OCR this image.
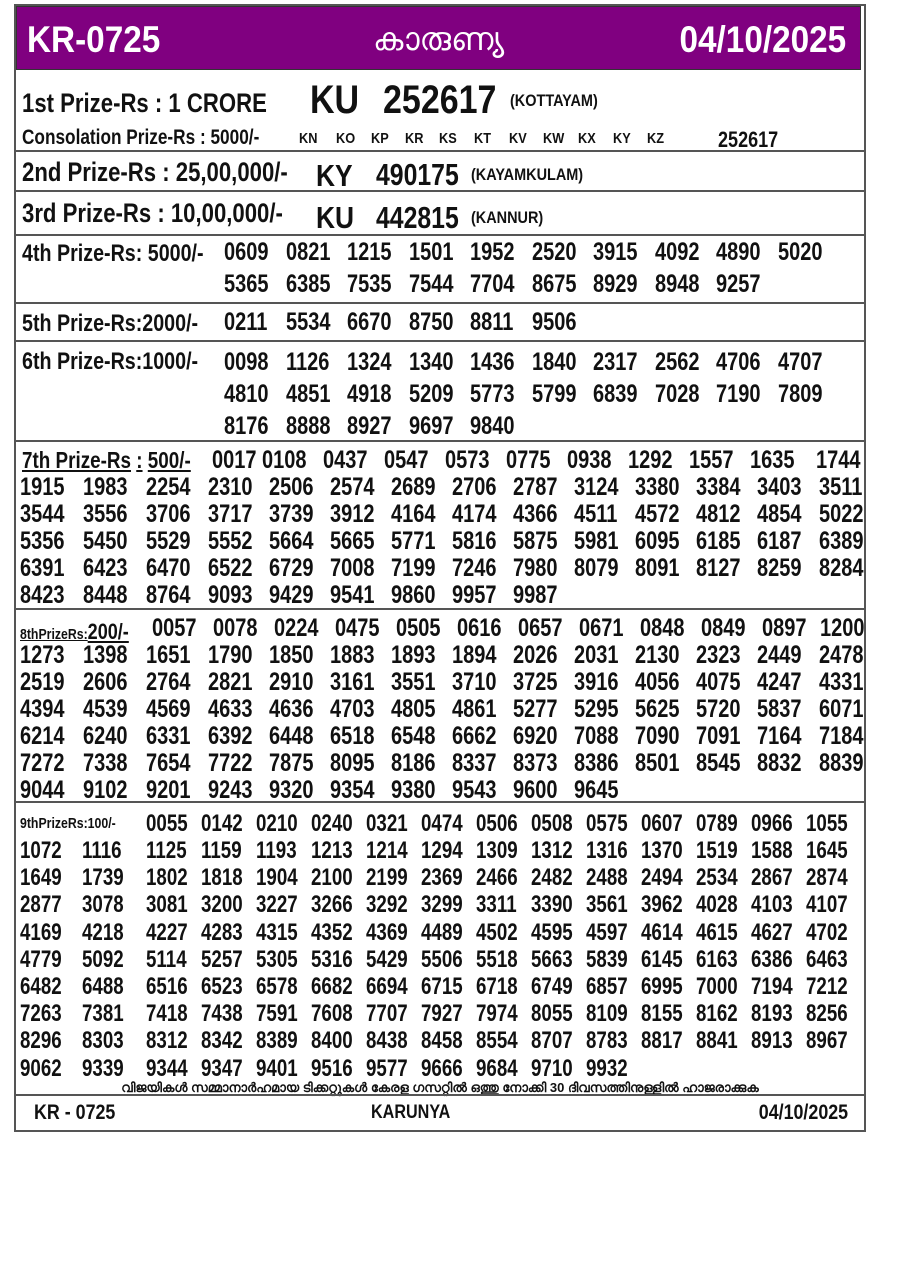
KR-0725	കാരുണ്യ	04/10/2025
1st Prize-Rs : 1 CRORE	KU 252617 (KOTTAYAM)
Consolation Prize-Rs : 5000/-	KN KO KP KR KS KT KV KW KX KY KZ 252617
2nd Prize-Rs : 25,00,000/- KY 490175 (KAYAMKULAM)
3rd Prize-Rs : 10,00,000/-	KU 442815 (KANNUR)
4th Prize-Rs: 5000/- 0609 0821 1215 1501 1952 2520 3915 4092 4890 5020
5365 6385 7535 7544 7704 8675 8929 8948 9257
5th Prize-Rs:2000/-	0211 5534 6670 8750 8811 9506
6th Prize-Rs:1000/-	0098 1126 1324 1340 1436 1840 2317 2562 4706 4707
4810 4851 4918 5209 5773 5799 6839 7028 7190 7809
8176 8888 8927 9697 9840
7th Prize-Rs : 500/- 0017 0108 0437 0547 0573 0775 0938 1292 1557 1635 1744
1915 1983 2254 2310 2506 2574 2689 2706 2787 3124 3380 3384 3403 3511
3544 3556 3706 3717 3739 3912 4164 4174 4366 4511 4572 4812 4854 5022
5356 5450 5529 5552 5664 5665 5771 5816 5875 5981 6095 6185 6187 6389
6391 6423 6470 6522 6729 7008 7199 7246 7980 8079 8091 8127 8259 8284
8423 8448 8764 9093 9429 9541 9860 9957 9987
8thPrizeRs:200/- 0057 0078 0224 0475 0505 0616 0657 0671 0848 0849 0897 1200
1273 1398 1651 1790 1850 1883 1893 1894 2026 2031 2130 2323 2449 2478
2519 2606 2764 2821 2910 3161 3551 3710 3725 3916 4056 4075 4247 4331
4394 4539 4569 4633 4636 4703 4805 4861 5277 5295 5625 5720 5837 6071
6214 6240 6331 6392 6448 6518 6548 6662 6920 7088 7090 7091 7164 7184
7272 7338 7654 7722 7875 8095 8186 8337 8373 8386 8501 8545 8832 8839
9044 9102 9201 9243 9320 9354 9380 9543 9600 9645
9thPrizeRs:100/-
വിജയികൾ സമ്മാനാർഹമായ ടിക്കറ്റുകൾ കേരള ഗസറ്റിൽ ഒത്തു നോക്കി 30 ദിവസത്തിനുള്ളിൽ ഹാജരാക്കുക
0055 0142 0210 0240 0321 0474 0506 0508 0575 0607 0789 0966 1055
1072 1116 1125 1159 1193 1213 1214 1294 1309 1312 1316 1370 1519 1588 1645
1649 1739 1802 1818 1904 2100 2199 2369 2466 2482 2488 2494 2534 2867 2874
2877 3078 3081 3200 3227 3266 3292 3299 3311 3390 3561 3962 4028 4103 4107
4169 4218 4227 4283 4315 4352 4369 4489 4502 4595 4597 4614 4615 4627 4702
4779 5092 5114 5257 5305 5316 5429 5506 5518 5663 5839 6145 6163 6386 6463
6482 6488 6516 6523 6578 6682 6694 6715 6718 6749 6857 6995 7000 7194 7212
7263 7381 7418 7438 7591 7608 7707 7927 7974 8055 8109 8155 8162 8193 8256
8296 8303 8312 8342 8389 8400 8438 8458 8554 8707 8783 8817 8841 8913 8967
9062 9339 9344 9347 9401 9516 9577 9666 9684 9710 9932
KR - 0725	KARUNYA	04/10/2025
